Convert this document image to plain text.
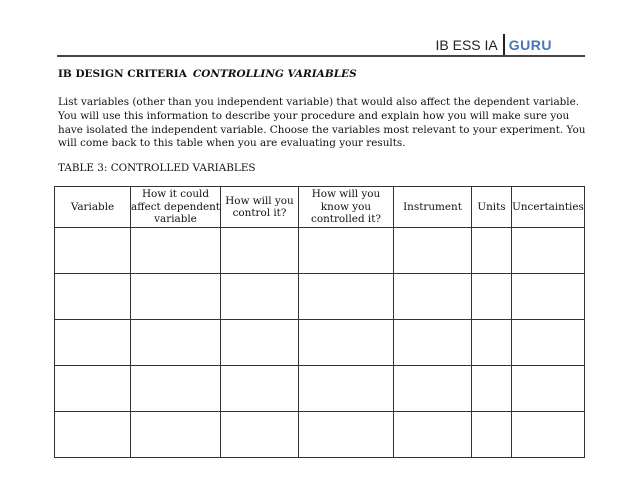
IB ESS IA GURU
IB DESIGN CRITERIA CONTROLLING VARIABLES

List variables (other than you independent variable) that would also affect the dependent variable. You will use this information to describe your procedure and explain how you will make sure you have isolated the independent variable. Choose the variables most relevant to your experiment. You will come back to this table when you are evaluating your results.

TABLE 3: CONTROLLED VARIABLES
Variable	How it could affect dependent variable	How will you control it?	How will you know you controlled it?	Instrument	Units	Uncertainties
